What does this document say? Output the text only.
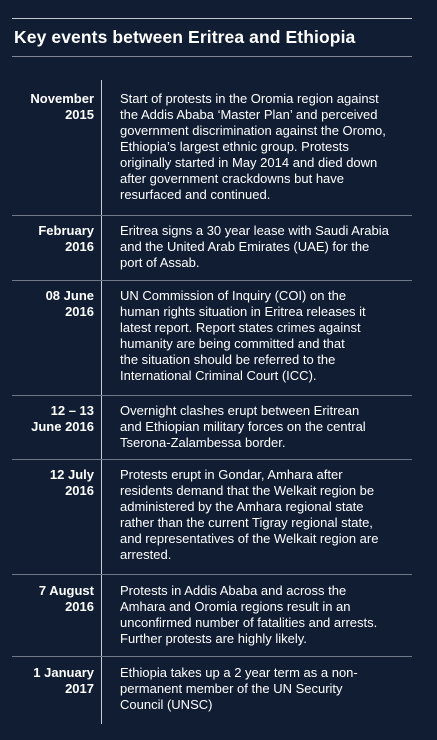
Key events between Eritrea and Ethiopia
November
2015
Start of protests in the Oromia region against
the Addis Ababa ‘Master Plan’ and perceived
government discrimination against the Oromo,
Ethiopia’s largest ethnic group. Protests
originally started in May 2014 and died down
after government crackdowns but have
resurfaced and continued.
February
2016
Eritrea signs a 30 year lease with Saudi Arabia
and the United Arab Emirates (UAE) for the
port of Assab.
08 June
2016
UN Commission of Inquiry (COI) on the
human rights situation in Eritrea releases it
latest report. Report states crimes against
humanity are being committed and that
the situation should be referred to the
International Criminal Court (ICC).
12 – 13
June 2016
Overnight clashes erupt between Eritrean
and Ethiopian military forces on the central
Tserona-Zalambessa border.
12 July
2016
Protests erupt in Gondar, Amhara after
residents demand that the Welkait region be
administered by the Amhara regional state
rather than the current Tigray regional state,
and representatives of the Welkait region are
arrested.
7 August
2016
Protests in Addis Ababa and across the
Amhara and Oromia regions result in an
unconfirmed number of fatalities and arrests.
Further protests are highly likely.
1 January
2017
Ethiopia takes up a 2 year term as a non-
permanent member of the UN Security
Council (UNSC)
